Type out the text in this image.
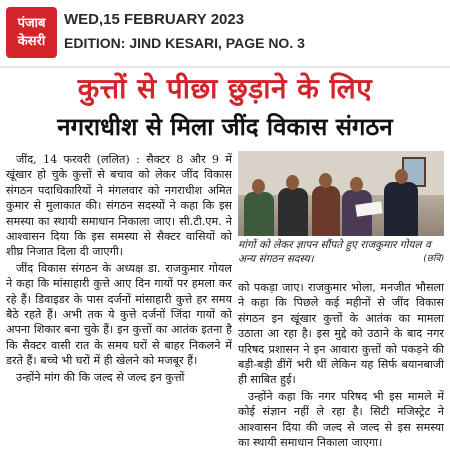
पंजाब
केसरी
WED,15 FEBRUARY 2023
EDITION: JIND KESARI, PAGE NO. 3
कुत्तों से पीछा छुड़ाने के लिए
नगराधीश से मिला जींद विकास संगठन

जींद, 14 फरवरी (ललित) : सैक्टर 8 और 9 में खूंखार हो चुके कुत्तों से बचाव को लेकर जींद विकास संगठन पदाधिकारियों ने मंगलवार को नगराधीश अमित कुमार से मुलाकात की। संगठन सदस्यों ने कहा कि इस समस्या का स्थायी समाधान निकाला जाए। सी.टी.एम. ने आश्वासन दिया कि इस समस्या से सैक्टर वासियों को शीघ्र निजात दिला दी जाएगी।

जींद विकास संगठन के अध्यक्ष डा. राजकुमार गोयल ने कहा कि मांसाहारी कुत्ते आए दिन गायों पर हमला कर रहे हैं। डिवाइडर के पास दर्जनों मांसाहारी कुत्ते हर समय बैठे रहते हैं। अभी तक ये कुत्ते दर्जनों जिंदा गायों को अपना शिकार बना चुके हैं। इन कुत्तों का आतंक इतना है कि सैक्टर वासी रात के समय घरों से बाहर निकलने में डरते हैं। बच्चे भी घरों में ही खेलने को मजबूर हैं।

उन्होंने मांग की कि जल्द से जल्द इन कुत्तों

मांगों को लेकर ज्ञापन सौंपते हुए राजकुमार गोयल व अन्य संगठन सदस्य।	(छवि)

को पकड़ा जाए। राजकुमार भोला, मनजीत भौसला ने कहा कि पिछले कई महीनों से जींद विकास संगठन इन खूंखार कुत्तों के आतंक का मामला उठाता आ रहा है। इस मुद्दे को उठाने के बाद नगर परिषद प्रशासन ने इन आवारा कुत्तों को पकड़ने की बड़ी-बड़ी डींगें भरी थीं लेकिन यह सिर्फ बयानबाजी ही साबित हुई।

उन्होंने कहा कि नगर परिषद भी इस मामले में कोई संज्ञान नहीं ले रहा है। सिटी मजिस्ट्रेट ने आश्वासन दिया की जल्द से जल्द से इस समस्या का स्थायी समाधान निकाला जाएगा।
